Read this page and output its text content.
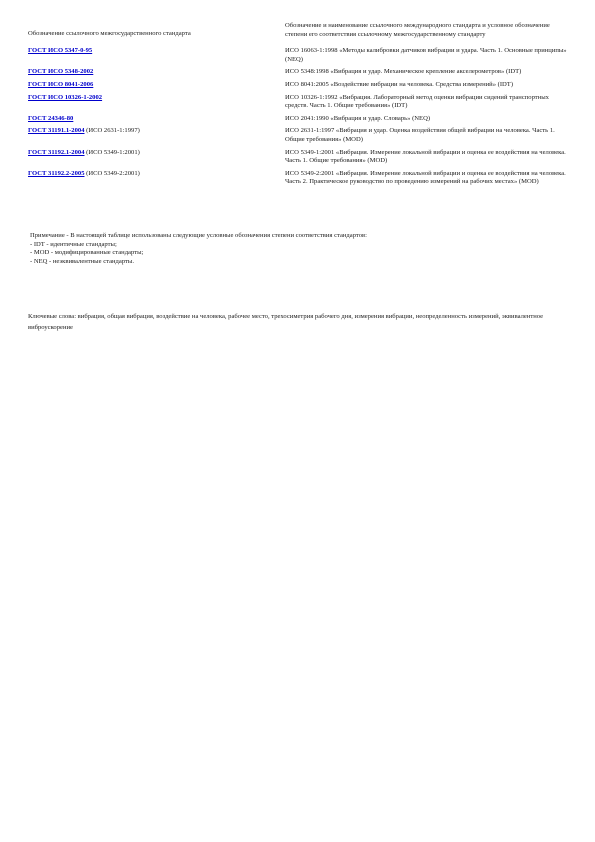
Обозначение ссылочного межгосударственного стандарта	Обозначение и наименование ссылочного международного стандарта и условное обозначение степени его соответствия ссылочному межгосударственному стандарту
ГОСТ ИСО 5347-0-95	ИСО 16063-1:1998 «Методы калибровки датчиков вибрации и удара. Часть 1. Основные принципы» (NEQ)
ГОСТ ИСО 5348-2002	ИСО 5348:1998 «Вибрация и удар. Механическое крепление акселерометров» (IDT)
ГОСТ ИСО 8041-2006	ИСО 8041:2005 «Воздействие вибрации на человека. Средства измерений» (IDT)
ГОСТ ИСО 10326-1-2002	ИСО 10326-1:1992 «Вибрация. Лабораторный метод оценки вибрации сидений транспортных средств. Часть 1. Общие требования» (IDT)
ГОСТ 24346-80	ИСО 2041:1990 «Вибрация и удар. Словарь» (NEQ)
ГОСТ 31191.1-2004 (ИСО 2631-1:1997)	ИСО 2631-1:1997 «Вибрация и удар. Оценка воздействия общей вибрации на человека. Часть 1. Общие требования» (MOD)
ГОСТ 31192.1-2004 (ИСО 5349-1:2001)	ИСО 5349-1:2001 «Вибрация. Измерение локальной вибрации и оценка ее воздействия на человека. Часть 1. Общие требования» (MOD)
ГОСТ 31192.2-2005 (ИСО 5349-2:2001)	ИСО 5349-2:2001 «Вибрация. Измерение локальной вибрации и оценка ее воздействия на человека. Часть 2. Практическое руководство по проведению измерений на рабочих местах» (MOD)
Примечание - В настоящей таблице использованы следующие условные обозначения степени соответствия стандартов:
- IDT - идентичные стандарты;
- MOD - модифицированные стандарты;
- NEQ - неэквивалентные стандарты.
Ключевые слова: вибрация, общая вибрация, воздействие на человека, рабочее место, трехосиметрия рабочего дня, измерения вибрации, неопределенность измерений, эквивалентное виброускорение
